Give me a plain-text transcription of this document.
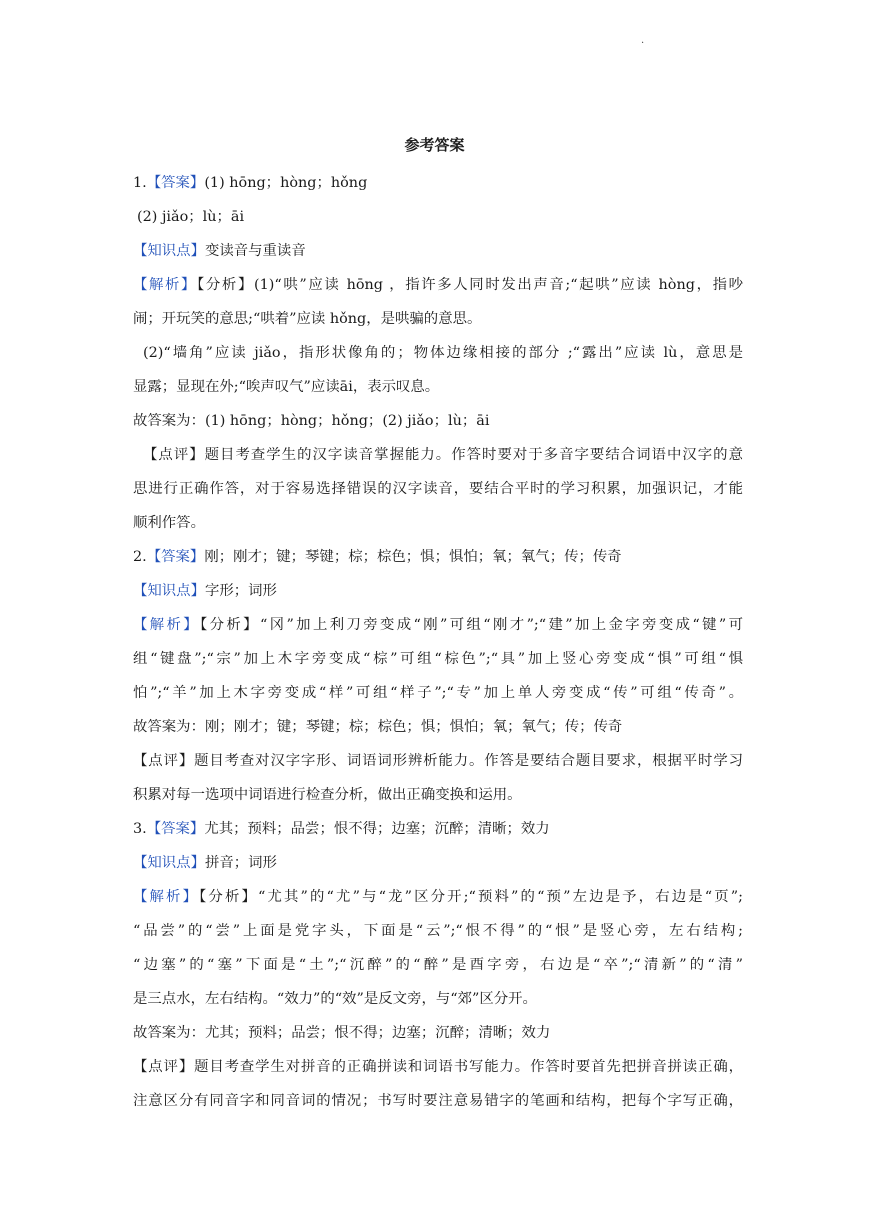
.
参考答案
1.【答案】(1) hōng；hòng；hǒng
(2) jiǎo；lù；āi
【知识点】变读音与重读音
【解析】【分析】(1)“哄”应读 hōng ，指许多人同时发出声音;“起哄”应读 hòng，指吵
闹；开玩笑的意思;“哄着”应读 hǒng，是哄骗的意思。
(2)“墙角”应读 jiǎo，指形状像角的；物体边缘相接的部分 ;“露出”应读 lù，意思是
显露；显现在外;“唉声叹气”应读āi，表示叹息。
故答案为：(1) hōng；hòng；hǒng；(2) jiǎo；lù；āi
【点评】题目考查学生的汉字读音掌握能力。作答时要对于多音字要结合词语中汉字的意
思进行正确作答，对于容易选择错误的汉字读音，要结合平时的学习积累，加强识记，才能
顺利作答。
2.【答案】刚；刚才；键；琴键；棕；棕色；惧；惧怕；氧；氧气；传；传奇
【知识点】字形；词形
【解析】【分析】“冈”加上利刀旁变成“刚”可组“刚才”;“建”加上金字旁变成“键”可
组“键盘”;“宗”加上木字旁变成“棕”可组“棕色”;“具”加上竖心旁变成“惧”可组“惧
怕”;“羊”加上木字旁变成“样”可组“样子”;“专”加上单人旁变成“传”可组“传奇”。
故答案为：刚；刚才；键；琴键；棕；棕色；惧；惧怕；氧；氧气；传；传奇
【点评】题目考查对汉字字形、词语词形辨析能力。作答是要结合题目要求，根据平时学习
积累对每一选项中词语进行检查分析，做出正确变换和运用。
3.【答案】尤其；预料；品尝；恨不得；边塞；沉醉；清晰；效力
【知识点】拼音；词形
【解析】【分析】“尤其”的“尤”与“龙”区分开;“预料”的“预”左边是予，右边是“页”;
“品尝”的“尝”上面是党字头，下面是“云”;“恨不得”的“恨”是竖心旁，左右结构;
“边塞”的“塞”下面是“土”;“沉醉”的“醉”是酉字旁，右边是“卒”;“清新”的“清”
是三点水，左右结构。“效力”的“效”是反文旁，与“郊”区分开。
故答案为：尤其；预料；品尝；恨不得；边塞；沉醉；清晰；效力
【点评】题目考查学生对拼音的正确拼读和词语书写能力。作答时要首先把拼音拼读正确，
注意区分有同音字和同音词的情况；书写时要注意易错字的笔画和结构，把每个字写正确，
